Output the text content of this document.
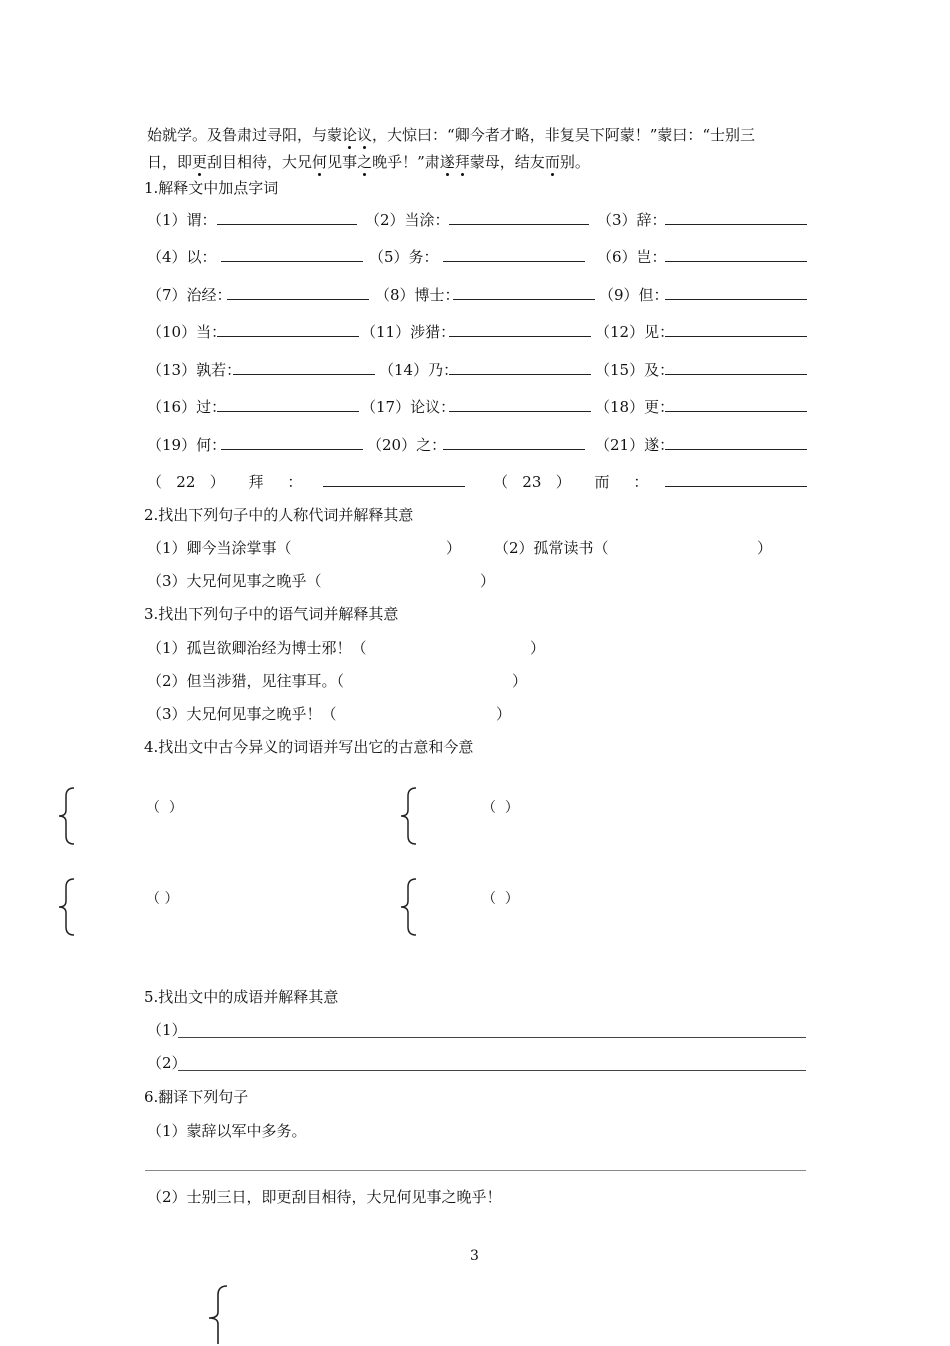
始就学。及鲁肃过寻阳，与蒙论议，大惊曰：“卿今者才略，非复吴下阿蒙！”蒙曰：“士别三
日，即更刮目相待，大兄何见事之晚乎！”肃遂拜蒙母，结友而别。
1.解释文中加点字词
（1）谓：	（2）当涂：	（3）辞：
（4）以：	（5）务：	（6）岂：
（7）治经：	（8）博士：	（9）但：
（10）当：	（11）涉猎：	（12）见：
（13）孰若：	（14）乃：	（15）及：
（16）过：	（17）论议：	（18）更：
（19）何：	（20）之：	（21）遂：
（   22   ）     拜     ：	（   23   ）     而     ：
2.找出下列句子中的人称代词并解释其意
（1）卿今当涂掌事（	） （2）孤常读书（	）
（3）大兄何见事之晚乎（	）
3.找出下列句子中的语气词并解释其意
（1）孤岂欲卿治经为博士邪！（	）
（2）但当涉猎，见往事耳。（	）
（3）大兄何见事之晚乎！（	）
4.找出文中古今异义的词语并写出它的古意和今意
（ ）	（ ）
（ ）	（ ）
5.找出文中的成语并解释其意
（1）
（2）
6.翻译下列句子
（1）蒙辞以军中多务。
（2）士别三日，即更刮目相待，大兄何见事之晚乎！
3
